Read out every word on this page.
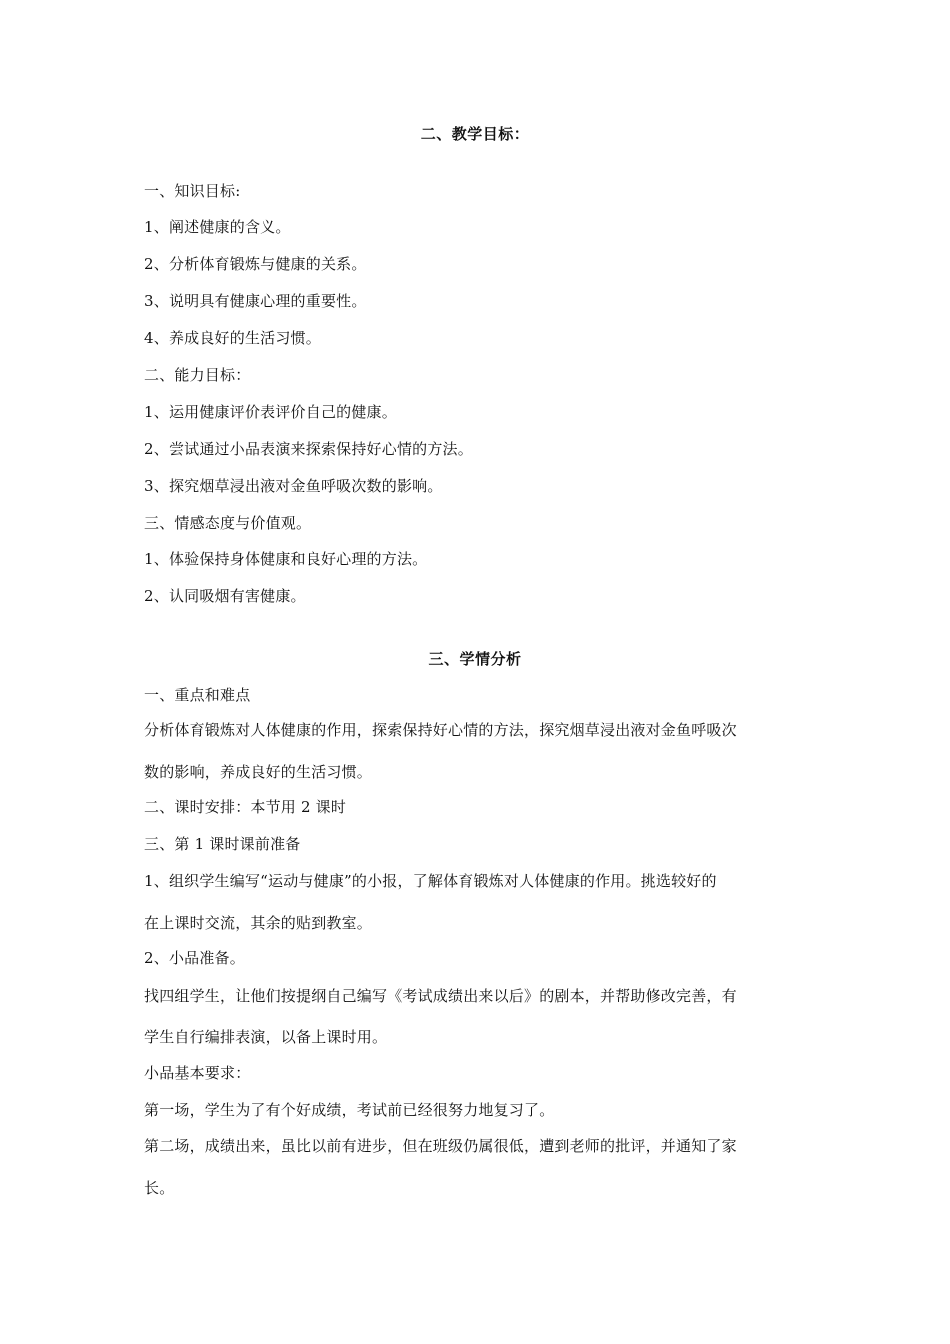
二、教学目标：
一、知识目标:
1、阐述健康的含义。
2、分析体育锻炼与健康的关系。
3、说明具有健康心理的重要性。
4、养成良好的生活习惯。
二、能力目标：
1、运用健康评价表评价自己的健康。
2、尝试通过小品表演来探索保持好心情的方法。
3、探究烟草浸出液对金鱼呼吸次数的影响。
三、情感态度与价值观。
1、体验保持身体健康和良好心理的方法。
2、认同吸烟有害健康。
三、学情分析
一、重点和难点
分析体育锻炼对人体健康的作用，探索保持好心情的方法，探究烟草浸出液对金鱼呼吸次
数的影响，养成良好的生活习惯。
二、课时安排：本节用 2 课时
三、第 1 课时课前准备
1、组织学生编写“运动与健康”的小报，了解体育锻炼对人体健康的作用。挑选较好的
在上课时交流，其余的贴到教室。
2、小品准备。
找四组学生，让他们按提纲自己编写《考试成绩出来以后》的剧本，并帮助修改完善，有
学生自行编排表演，以备上课时用。
小品基本要求：
第一场，学生为了有个好成绩，考试前已经很努力地复习了。
第二场，成绩出来，虽比以前有进步，但在班级仍属很低，遭到老师的批评，并通知了家
长。
